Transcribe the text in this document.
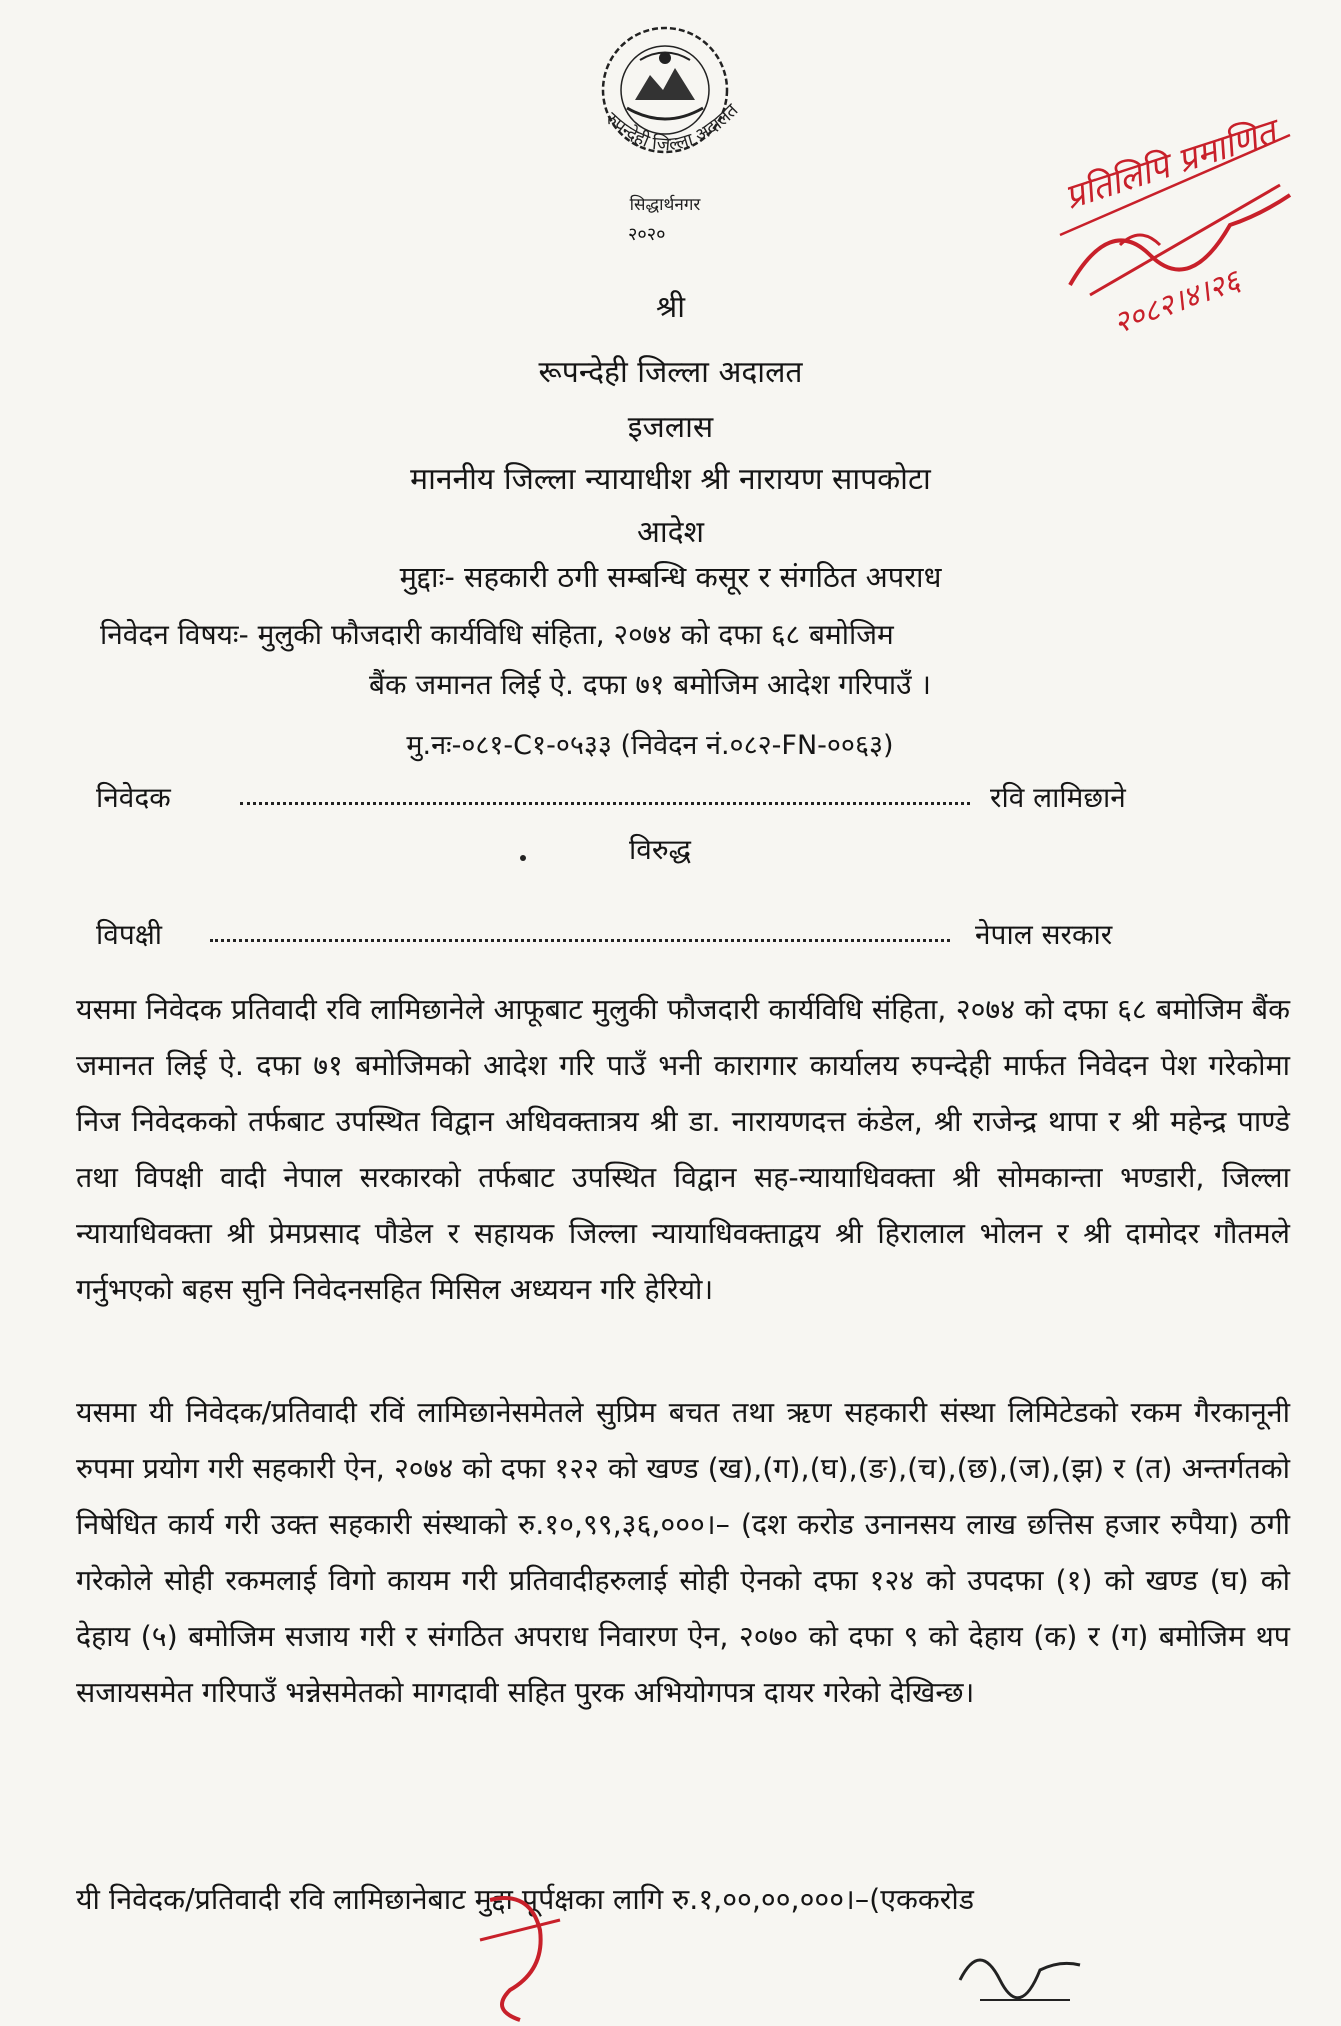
रुपन्देही जिल्ला अदालत
सिद्धार्थनगर
२०२०
प्रतिलिपि प्रमाणित
२०८२।४।२६
श्री
रूपन्देही जिल्ला अदालत
इजलास
माननीय जिल्ला न्यायाधीश श्री नारायण सापकोटा
आदेश
मुद्दाः- सहकारी ठगी सम्बन्धि कसूर र संगठित अपराध
निवेदन विषयः- मुलुकी फौजदारी कार्यविधि संहिता, २०७४ को दफा ६८ बमोजिम
बैंक जमानत लिई ऐ. दफा ७१ बमोजिम आदेश गरिपाउँ ।
मु.नः-०८१-C१-०५३३ (निवेदन नं.०८२-FN-००६३)
निवेदक	रवि लामिछाने
विरुद्ध
विपक्षी	नेपाल सरकार
यसमा निवेदक प्रतिवादी रवि लामिछानेले आफूबाट मुलुकी फौजदारी कार्यविधि संहिता, २०७४ को दफा ६८ बमोजिम बैंक जमानत लिई ऐ. दफा ७१ बमोजिमको आदेश गरि पाउँ भनी कारागार कार्यालय रुपन्देही मार्फत निवेदन पेश गरेकोमा निज निवेदकको तर्फबाट उपस्थित विद्वान अधिवक्तात्रय श्री डा. नारायणदत्त कंडेल, श्री राजेन्द्र थापा र श्री महेन्द्र पाण्डे तथा विपक्षी वादी नेपाल सरकारको तर्फबाट उपस्थित विद्वान सह-न्यायाधिवक्ता श्री सोमकान्ता भण्डारी, जिल्ला न्यायाधिवक्ता श्री प्रेमप्रसाद पौडेल र सहायक जिल्ला न्यायाधिवक्ताद्वय श्री हिरालाल भोलन र श्री दामोदर गौतमले गर्नुभएको बहस सुनि निवेदनसहित मिसिल अध्ययन गरि हेरियो।
यसमा यी निवेदक/प्रतिवादी रविं लामिछानेसमेतले सुप्रिम बचत तथा ऋण सहकारी संस्था लिमिटेडको रकम गैरकानूनी रुपमा प्रयोग गरी सहकारी ऐन, २०७४ को दफा १२२ को खण्ड (ख),(ग),(घ),(ङ),(च),(छ),(ज),(झ) र (त) अन्तर्गतको निषेधित कार्य गरी उक्त सहकारी संस्थाको रु.१०,९९,३६,०००।– (दश करोड उनानसय लाख छत्तिस हजार रुपैया) ठगी गरेकोले सोही रकमलाई विगो कायम गरी प्रतिवादीहरुलाई सोही ऐनको दफा १२४ को उपदफा (१) को खण्ड (घ) को देहाय (५) बमोजिम सजाय गरी र संगठित अपराध निवारण ऐन, २०७० को दफा ९ को देहाय (क) र (ग) बमोजिम थप सजायसमेत गरिपाउँ भन्नेसमेतको मागदावी सहित पुरक अभियोगपत्र दायर गरेको देखिन्छ।
यी निवेदक/प्रतिवादी रवि लामिछानेबाट मुद्दा पूर्पक्षका लागि रु.१,००,००,०००।–(एककरोड
